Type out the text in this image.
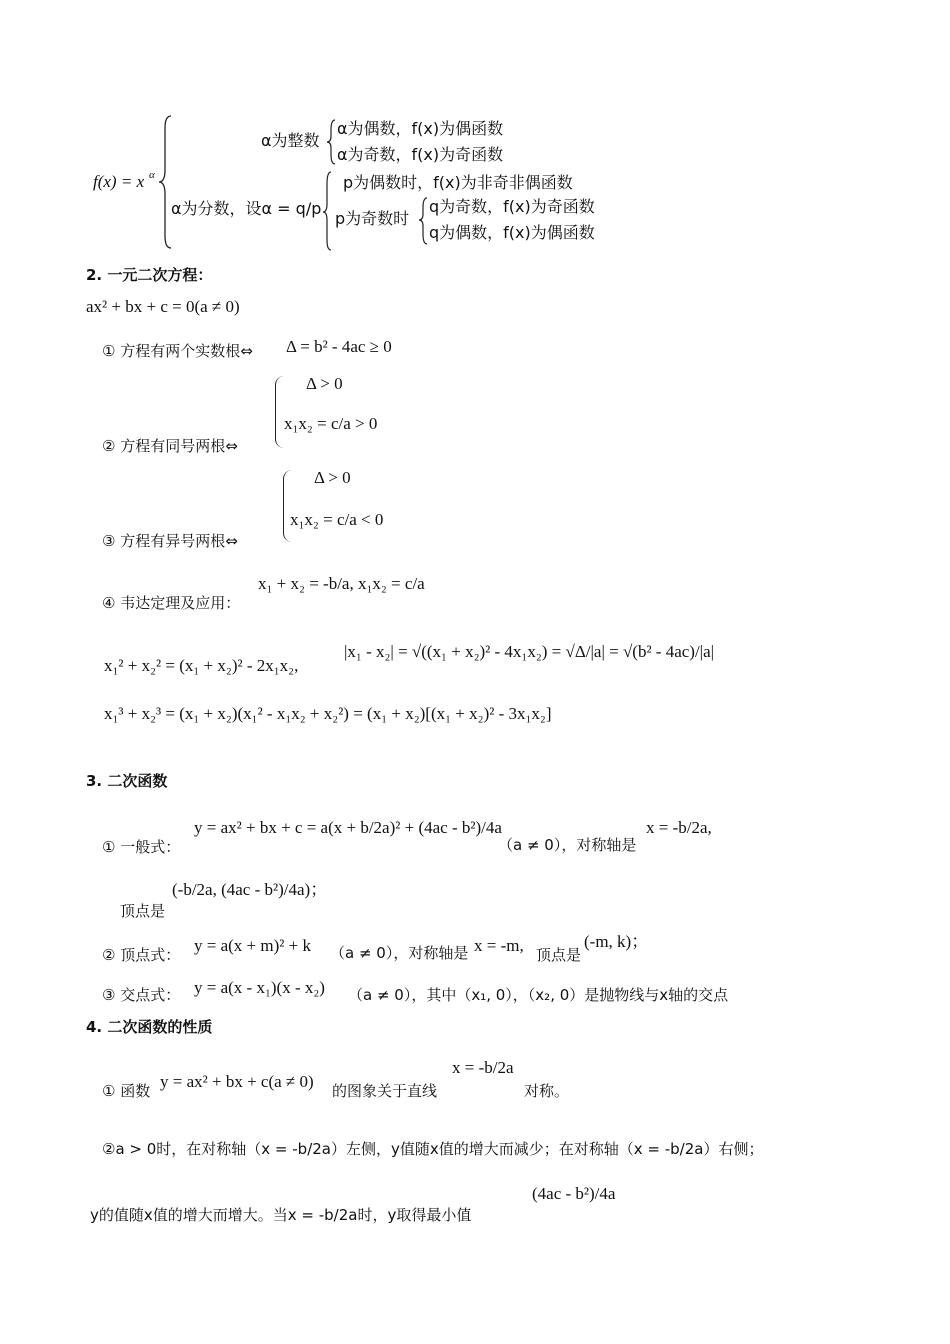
f(x) = x α
α为整数
α为偶数，f(x)为偶函数
α为奇数，f(x)为奇函数
α为分数，设α = q/p
p为偶数时，f(x)为非奇非偶函数
p为奇数时
q为奇数，f(x)为奇函数
q为偶数，f(x)为偶函数
2. 一元二次方程：
ax² + bx + c = 0(a ≠ 0)
① 方程有两个实数根⇔ Δ = b² - 4ac ≥ 0
Δ > 0
x₁x₂ = c/a > 0
② 方程有同号两根⇔
Δ > 0
x₁x₂ = c/a < 0
③ 方程有异号两根⇔
④ 韦达定理及应用：
x₁ + x₂ = -b/a, x₁x₂ = c/a
x₁² + x₂² = (x₁ + x₂)² - 2x₁x₂,
|x₁ - x₂| = √((x₁ + x₂)² - 4x₁x₂) = √Δ/|a| = √(b² - 4ac)/|a|
x₁³ + x₂³ = (x₁ + x₂)(x₁² - x₁x₂ + x₂²) = (x₁ + x₂)[(x₁ + x₂)² - 3x₁x₂]
3. 二次函数
① 一般式：
y = ax² + bx + c = a(x + b/2a)² + (4ac - b²)/4a
（a ≠ 0），对称轴是
x = -b/2a,
顶点是
(-b/2a, (4ac - b²)/4a)；
② 顶点式： y = a(x + m)² + k （a ≠ 0），对称轴是 x = -m, 顶点是
(-m, k)；
③ 交点式： y = a(x - x₁)(x - x₂) （a ≠ 0），其中（x₁, 0），（x₂, 0）是抛物线与x轴的交点
4. 二次函数的性质
① 函数 y = ax² + bx + c(a ≠ 0) 的图象关于直线
x = -b/2a
对称。
②a > 0时，在对称轴（x = -b/2a）左侧，y值随x值的增大而减少；在对称轴（x = -b/2a）右侧；
y的值随x值的增大而增大。当x = -b/2a时，y取得最小值
(4ac - b²)/4a
